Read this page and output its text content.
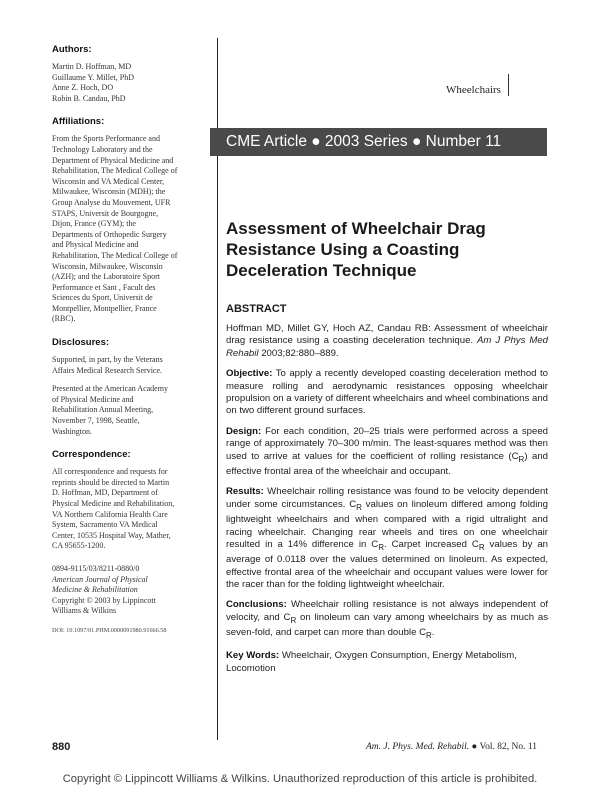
Authors:
Martin D. Hoffman, MD
Guillaume Y. Millet, PhD
Anne Z. Hoch, DO
Robin B. Candau, PhD
Affiliations:
From the Sports Performance and
Technology Laboratory and the
Department of Physical Medicine and
Rehabilitation, The Medical College of
Wisconsin and VA Medical Center,
Milwaukee, Wisconsin (MDH); the
Group Analyse du Mouvement, UFR
STAPS, Universit de Bourgogne,
Dijon, France (GYM); the
Departments of Orthopedic Surgery
and Physical Medicine and
Rehabilitation, The Medical College of
Wisconsin, Milwaukee, Wisconsin
(AZH); and the Laboratoire Sport
Performance et Sant , Facult des
Sciences du Sport, Universit de
Montpellier, Montpellier, France
(RBC).
Disclosures:
Supported, in part, by the Veterans
Affairs Medical Research Service.
Presented at the American Academy
of Physical Medicine and
Rehabilitation Annual Meeting,
November 7, 1998, Seattle,
Washington.
Correspondence:
All correspondence and requests for
reprints should be directed to Martin
D. Hoffman, MD, Department of
Physical Medicine and Rehabilitation,
VA Northern California Health Care
System, Sacramento VA Medical
Center, 10535 Hospital Way, Mather,
CA 95655-1200.
0894-9115/03/8211-0880/0
American Journal of Physical
Medicine & Rehabilitation
Copyright © 2003 by Lippincott
Williams & Wilkins
DOI: 10.1097/01.PHM.0000091980.91666.58
Wheelchairs
CME Article ● 2003 Series ● Number 11
Assessment of Wheelchair Drag Resistance Using a Coasting Deceleration Technique
ABSTRACT

Hoffman MD, Millet GY, Hoch AZ, Candau RB: Assessment of wheelchair drag resistance using a coasting deceleration technique. Am J Phys Med Rehabil 2003;82:880–889.

Objective: To apply a recently developed coasting deceleration method to measure rolling and aerodynamic resistances opposing wheelchair propulsion on a variety of different wheelchairs and wheel combinations and on two different ground surfaces.

Design: For each condition, 20–25 trials were performed across a speed range of approximately 70–300 m/min. The least-squares method was then used to arrive at values for the coefficient of rolling resistance $(C_R)$ and effective frontal area of the wheelchair and occupant.

Results: Wheelchair rolling resistance was found to be velocity dependent under some circumstances. $C_R$ values on linoleum differed among folding lightweight wheelchairs and when compared with a rigid ultralight and racing wheelchair. Changing rear wheels and tires on one wheelchair resulted in a 14% difference in $C_R$. Carpet increased $C_R$ values by an average of 0.0118 over the values determined on linoleum. As expected, effective frontal area of the wheelchair and occupant values were lower for the racer than for the folding lightweight wheelchair.

Conclusions: Wheelchair rolling resistance is not always independent of velocity, and $C_R$ on linoleum can vary among wheelchairs by as much as seven-fold, and carpet can more than double $C_R$.

Key Words: Wheelchair, Oxygen Consumption, Energy Metabolism, Locomotion

880	Am. J. Phys. Med. Rehabil. ● Vol. 82, No. 11
Copyright © Lippincott Williams & Wilkins. Unauthorized reproduction of this article is prohibited.
